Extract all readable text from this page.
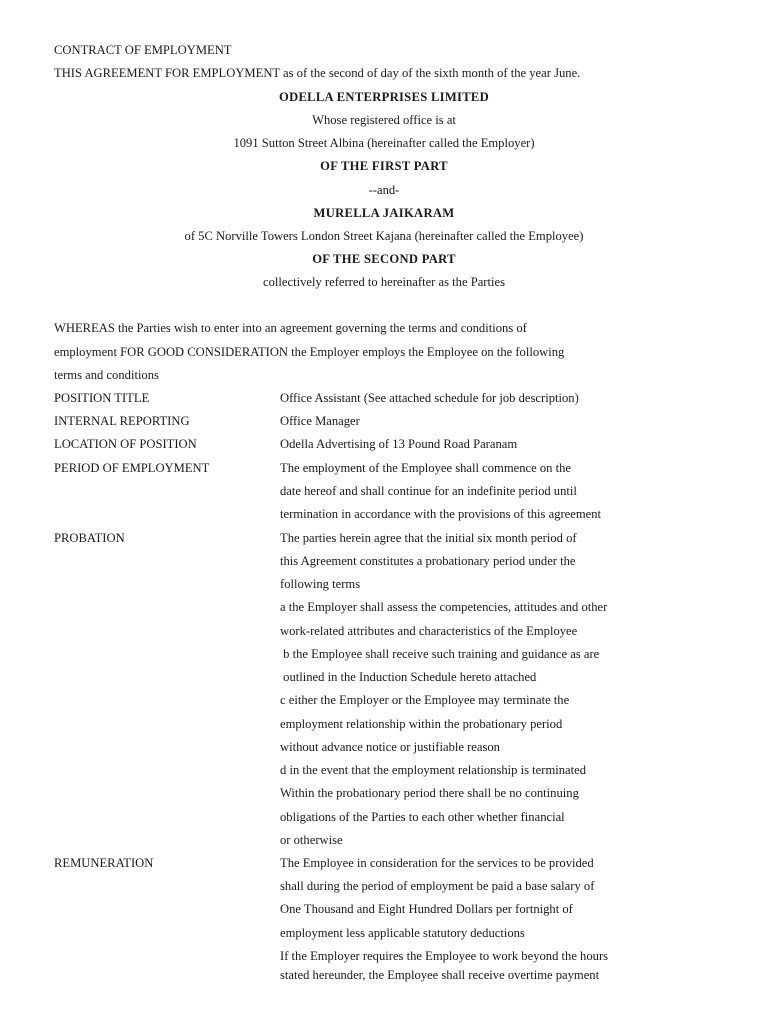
CONTRACT OF EMPLOYMENT
THIS AGREEMENT FOR EMPLOYMENT as of the second of day of the sixth month of the year June.
ODELLA ENTERPRISES LIMITED
Whose registered office is at
1091 Sutton Street Albina (hereinafter called the Employer)
OF THE FIRST PART
--and-
MURELLA JAIKARAM
of 5C Norville Towers London Street Kajana (hereinafter called the Employee)
OF THE SECOND PART
collectively referred to hereinafter as the Parties
WHEREAS the Parties wish to enter into an agreement governing the terms and conditions of
employment FOR GOOD CONSIDERATION the Employer employs the Employee on the following
terms and conditions
POSITION TITLE	Office Assistant (See attached schedule for job description)
INTERNAL REPORTING	Office Manager
LOCATION OF POSITION	Odella Advertising of 13 Pound Road Paranam
PERIOD OF EMPLOYMENT	The employment of the Employee shall commence on the
date hereof and shall continue for an indefinite period until
termination in accordance with the provisions of this agreement
PROBATION	The parties herein agree that the initial six month period of
this Agreement constitutes a probationary period under the
following terms
a the Employer shall assess the competencies, attitudes and other
work-related attributes and characteristics of the Employee
b the Employee shall receive such training and guidance as are
outlined in the Induction Schedule hereto attached
c either the Employer or the Employee may terminate the
employment relationship within the probationary period
without advance notice or justifiable reason
d in the event that the employment relationship is terminated
Within the probationary period there shall be no continuing
obligations of the Parties to each other whether financial
or otherwise
REMUNERATION	The Employee in consideration for the services to be provided
shall during the period of employment be paid a base salary of
One Thousand and Eight Hundred Dollars per fortnight of
employment less applicable statutory deductions
If the Employer requires the Employee to work beyond the hours
stated hereunder, the Employee shall receive overtime payment
